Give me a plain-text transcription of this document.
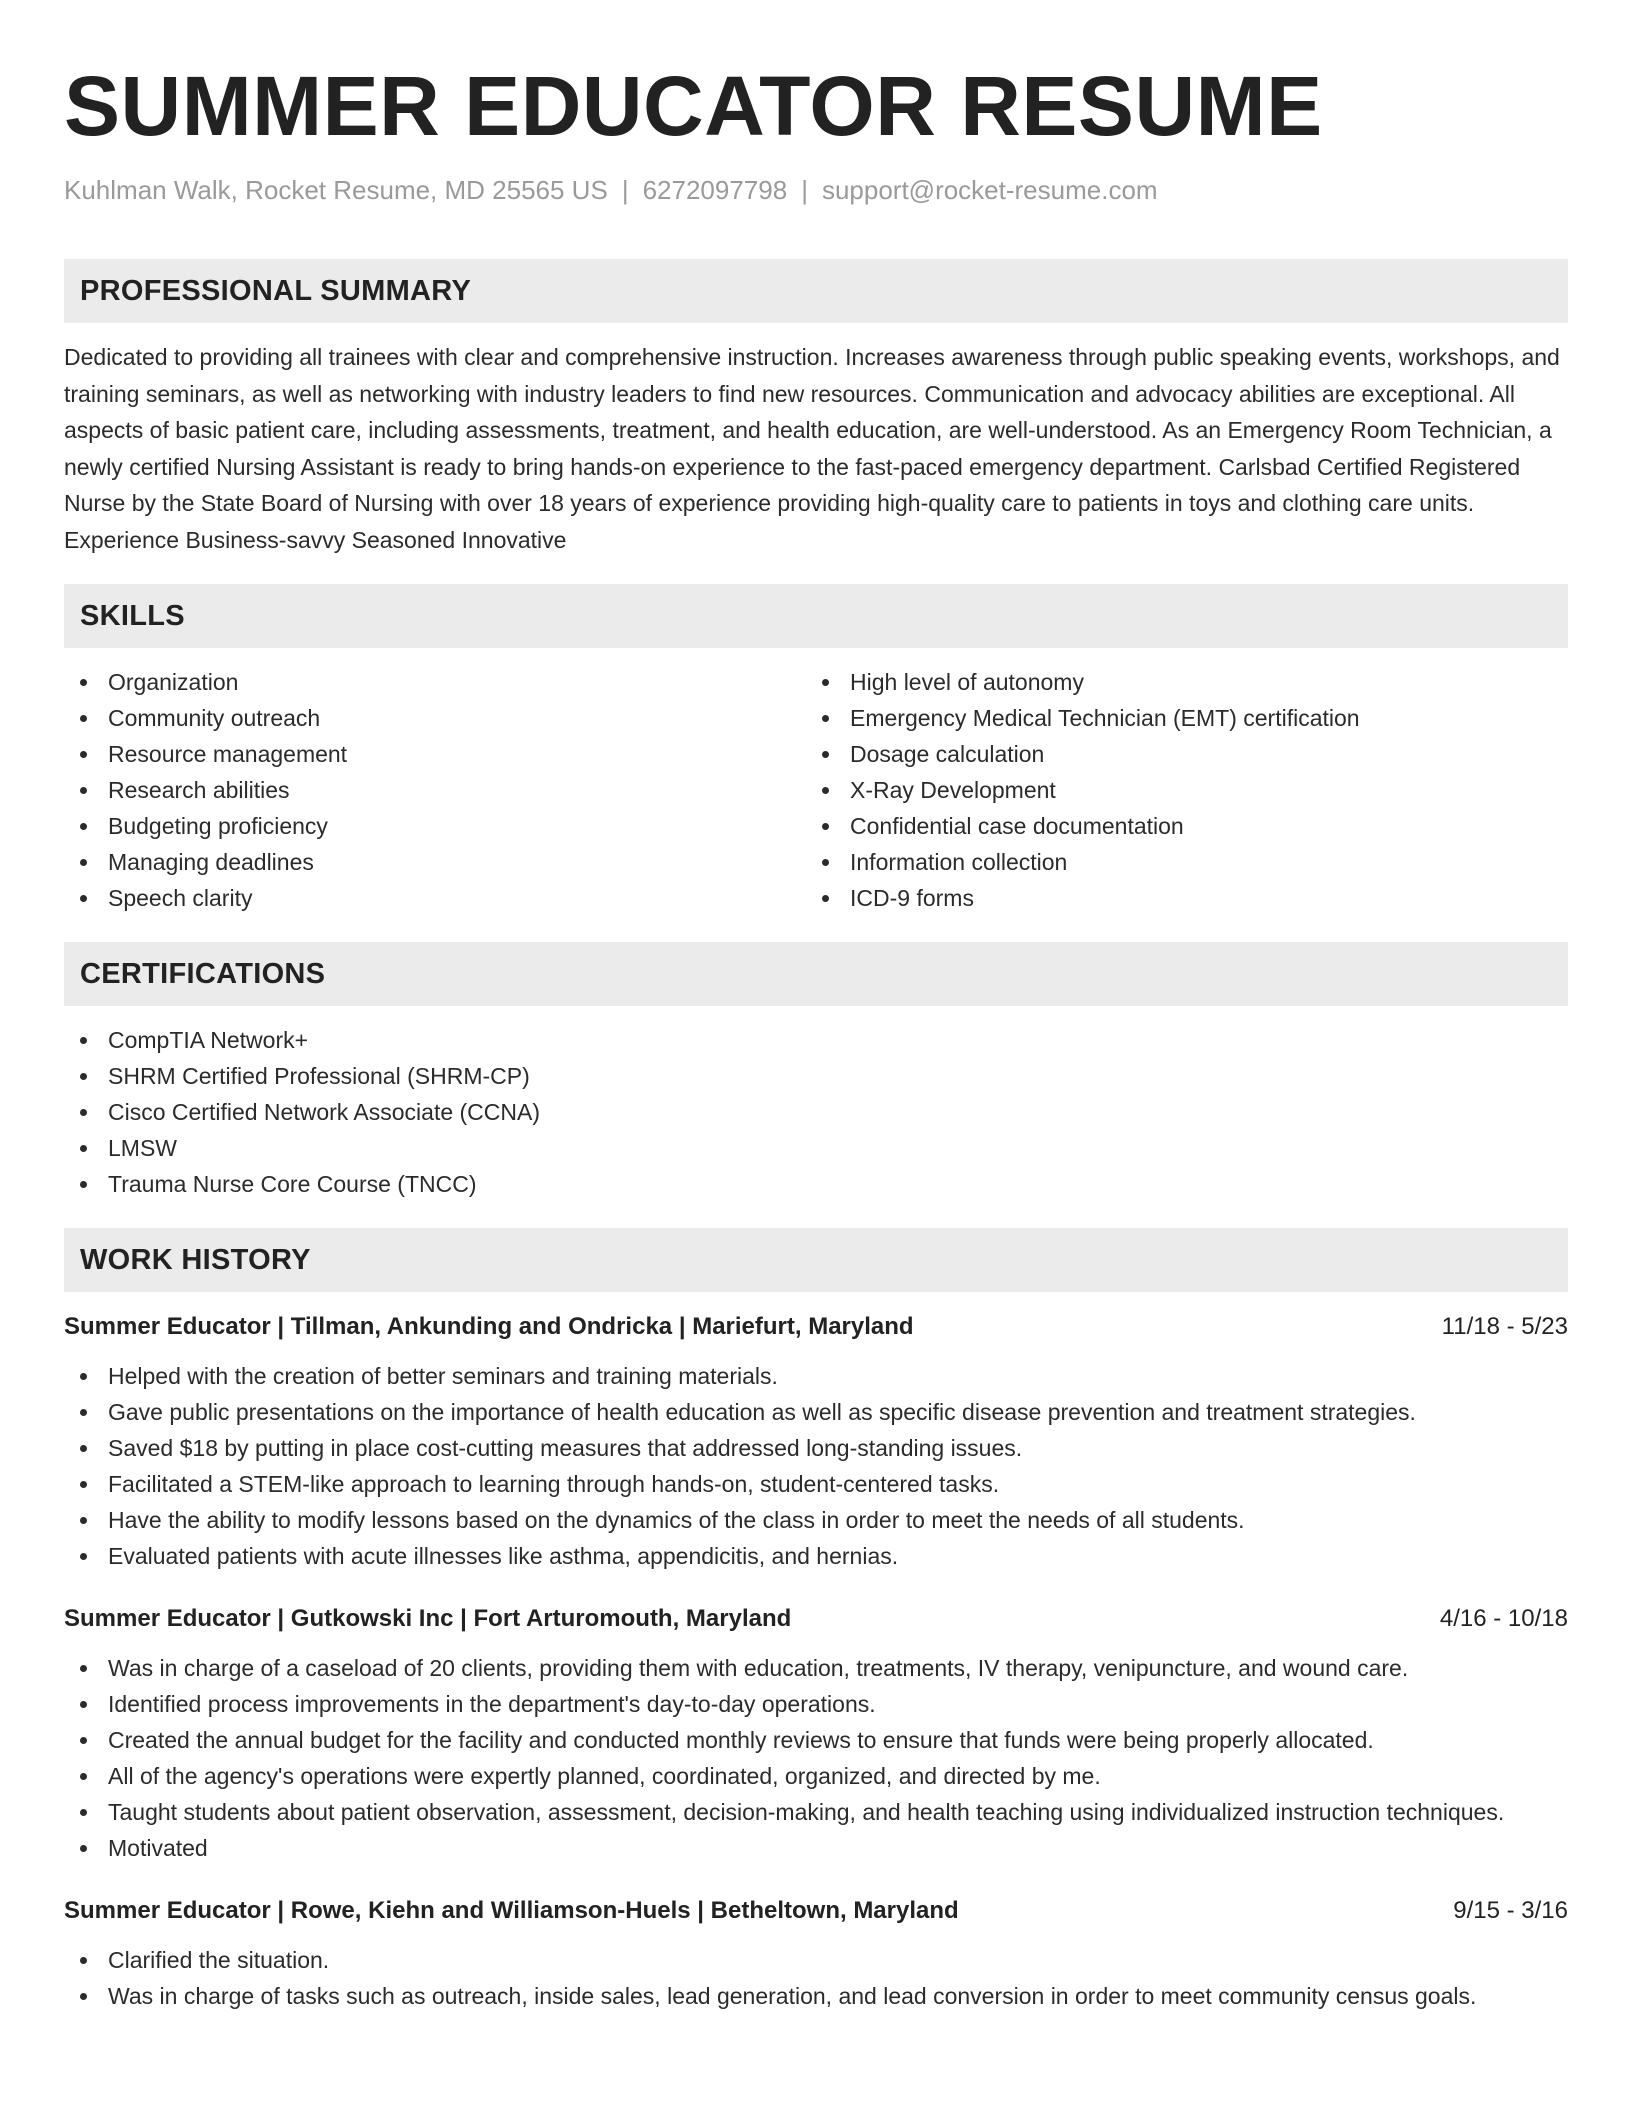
SUMMER EDUCATOR RESUME
Kuhlman Walk, Rocket Resume, MD 25565 US | 6272097798 | support@rocket-resume.com
PROFESSIONAL SUMMARY

Dedicated to providing all trainees with clear and comprehensive instruction. Increases awareness through public speaking events, workshops, and training seminars, as well as networking with industry leaders to find new resources. Communication and advocacy abilities are exceptional. All aspects of basic patient care, including assessments, treatment, and health education, are well-understood. As an Emergency Room Technician, a newly certified Nursing Assistant is ready to bring hands-on experience to the fast-paced emergency department. Carlsbad Certified Registered Nurse by the State Board of Nursing with over 18 years of experience providing high-quality care to patients in toys and clothing care units. Experience Business-savvy Seasoned Innovative

SKILLS
Organization
Community outreach
Resource management
Research abilities
Budgeting proficiency
Managing deadlines
Speech clarity
High level of autonomy
Emergency Medical Technician (EMT) certification
Dosage calculation
X-Ray Development
Confidential case documentation
Information collection
ICD-9 forms
CERTIFICATIONS
CompTIA Network+
SHRM Certified Professional (SHRM-CP)
Cisco Certified Network Associate (CCNA)
LMSW
Trauma Nurse Core Course (TNCC)
WORK HISTORY
Summer Educator | Tillman, Ankunding and Ondricka | Mariefurt, Maryland	11/18 - 5/23
Helped with the creation of better seminars and training materials.
Gave public presentations on the importance of health education as well as specific disease prevention and treatment strategies.
Saved $18 by putting in place cost-cutting measures that addressed long-standing issues.
Facilitated a STEM-like approach to learning through hands-on, student-centered tasks.
Have the ability to modify lessons based on the dynamics of the class in order to meet the needs of all students.
Evaluated patients with acute illnesses like asthma, appendicitis, and hernias.
Summer Educator | Gutkowski Inc | Fort Arturomouth, Maryland	4/16 - 10/18
Was in charge of a caseload of 20 clients, providing them with education, treatments, IV therapy, venipuncture, and wound care.
Identified process improvements in the department's day-to-day operations.
Created the annual budget for the facility and conducted monthly reviews to ensure that funds were being properly allocated.
All of the agency's operations were expertly planned, coordinated, organized, and directed by me.
Taught students about patient observation, assessment, decision-making, and health teaching using individualized instruction techniques.
Motivated
Summer Educator | Rowe, Kiehn and Williamson-Huels | Betheltown, Maryland	9/15 - 3/16
Clarified the situation.
Was in charge of tasks such as outreach, inside sales, lead generation, and lead conversion in order to meet community census goals.
